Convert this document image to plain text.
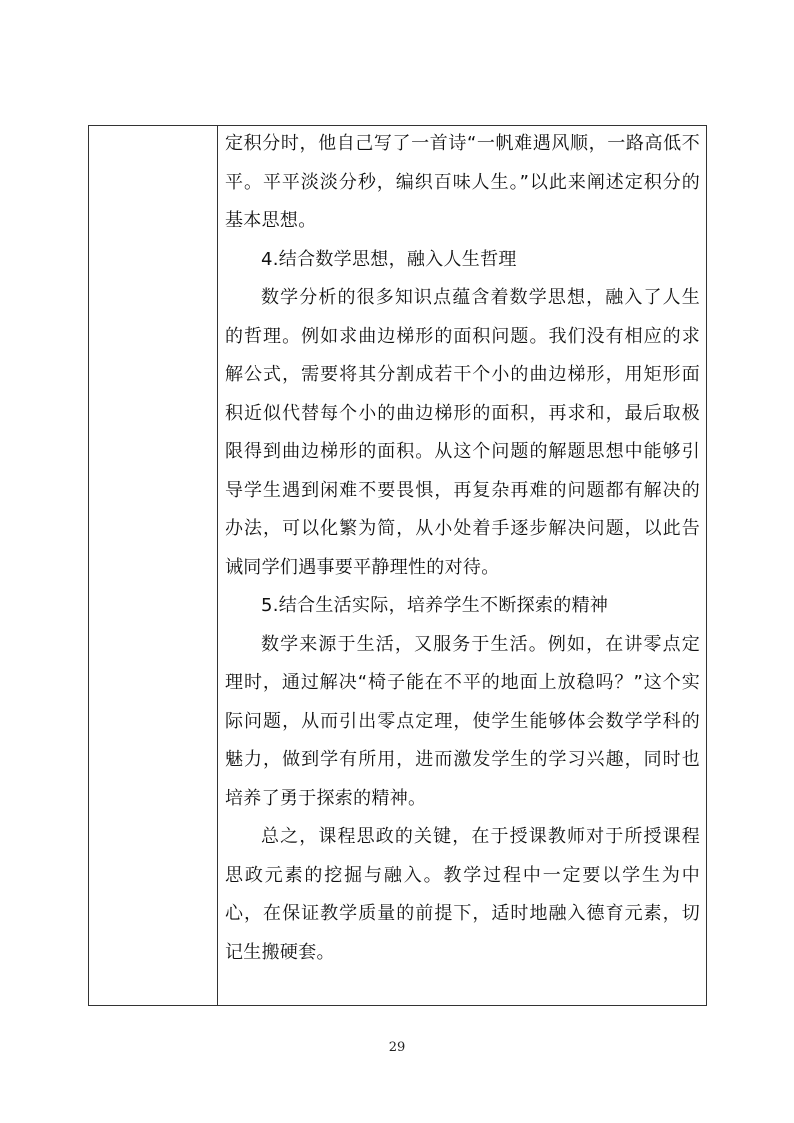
定积分时，他自己写了一首诗“一帆难遇风顺，一路高低不平。平平淡淡分秒，编织百味人生。”以此来阐述定积分的基本思想。

4.结合数学思想，融入人生哲理

数学分析的很多知识点蕴含着数学思想，融入了人生的哲理。例如求曲边梯形的面积问题。我们没有相应的求解公式，需要将其分割成若干个小的曲边梯形，用矩形面积近似代替每个小的曲边梯形的面积，再求和，最后取极限得到曲边梯形的面积。从这个问题的解题思想中能够引导学生遇到闲难不要畏惧，再复杂再难的问题都有解决的办法，可以化繁为简，从小处着手逐步解决问题，以此告诫同学们遇事要平静理性的对待。

5.结合生活实际，培养学生不断探索的精神

数学来源于生活，又服务于生活。例如，在讲零点定理时，通过解决“椅子能在不平的地面上放稳吗？”这个实际问题，从而引出零点定理，使学生能够体会数学学科的魅力，做到学有所用，进而激发学生的学习兴趣，同时也培养了勇于探索的精神。

总之，课程思政的关键，在于授课教师对于所授课程思政元素的挖掘与融入。教学过程中一定要以学生为中心，在保证教学质量的前提下，适时地融入德育元素，切记生搬硬套。

29
